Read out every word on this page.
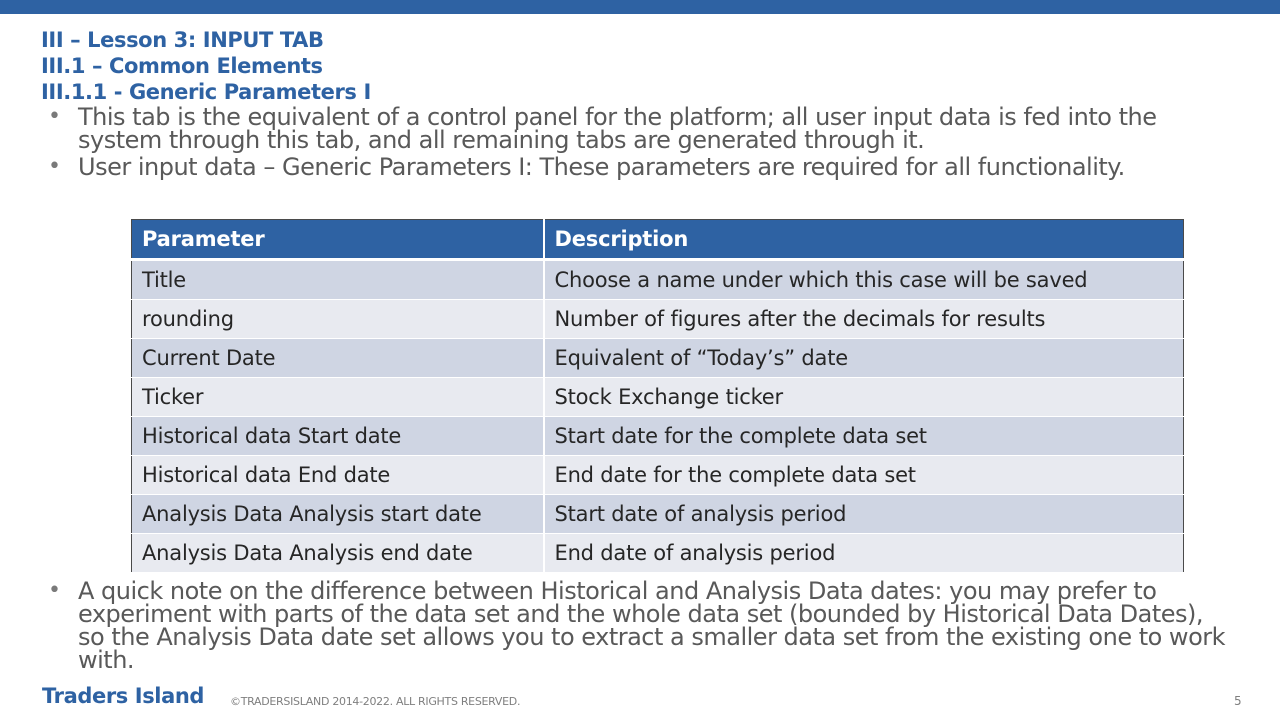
III – Lesson 3: INPUT TAB
III.1 – Common Elements
III.1.1 - Generic Parameters I
• This tab is the equivalent of a control panel for the platform; all user input data is fed into the system through this tab, and all remaining tabs are generated through it.
• User input data – Generic Parameters I: These parameters are required for all functionality.
Parameter	Description
Title	Choose a name under which this case will be saved
rounding	Number of figures after the decimals for results
Current Date	Equivalent of “Today’s” date
Ticker	Stock Exchange ticker
Historical data Start date	Start date for the complete data set
Historical data End date	End date for the complete data set
Analysis Data Analysis start date	Start date of analysis period
Analysis Data Analysis end date	End date of analysis period
• A quick note on the difference between Historical and Analysis Data dates: you may prefer to experiment with parts of the data set and the whole data set (bounded by Historical Data Dates), so the Analysis Data date set allows you to extract a smaller data set from the existing one to work with.
Traders Island ©TRADERSISLAND 2014-2022. ALL RIGHTS RESERVED.	5
